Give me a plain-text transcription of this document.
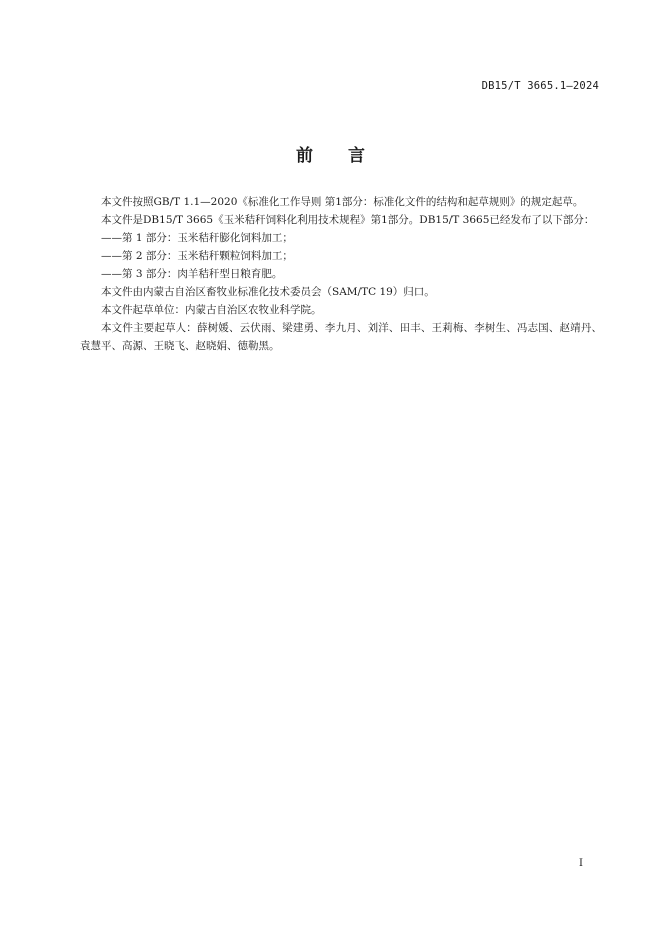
DB15/T 3665.1—2024
前 言

本文件按照GB/T 1.1—2020《标准化工作导则 第1部分：标准化文件的结构和起草规则》的规定起草。

本文件是DB15/T 3665《玉米秸秆饲料化利用技术规程》第1部分。DB15/T 3665已经发布了以下部分：

——第 1 部分：玉米秸秆膨化饲料加工；

——第 2 部分：玉米秸秆颗粒饲料加工；

——第 3 部分：肉羊秸秆型日粮育肥。

本文件由内蒙古自治区畜牧业标准化技术委员会（SAM/TC 19）归口。

本文件起草单位：内蒙古自治区农牧业科学院。

本文件主要起草人：薛树媛、云伏雨、梁建勇、李九月、刘洋、田丰、王莉梅、李树生、冯志国、赵靖丹、袁慧平、高源、王晓飞、赵晓娟、德勒黑。

I
